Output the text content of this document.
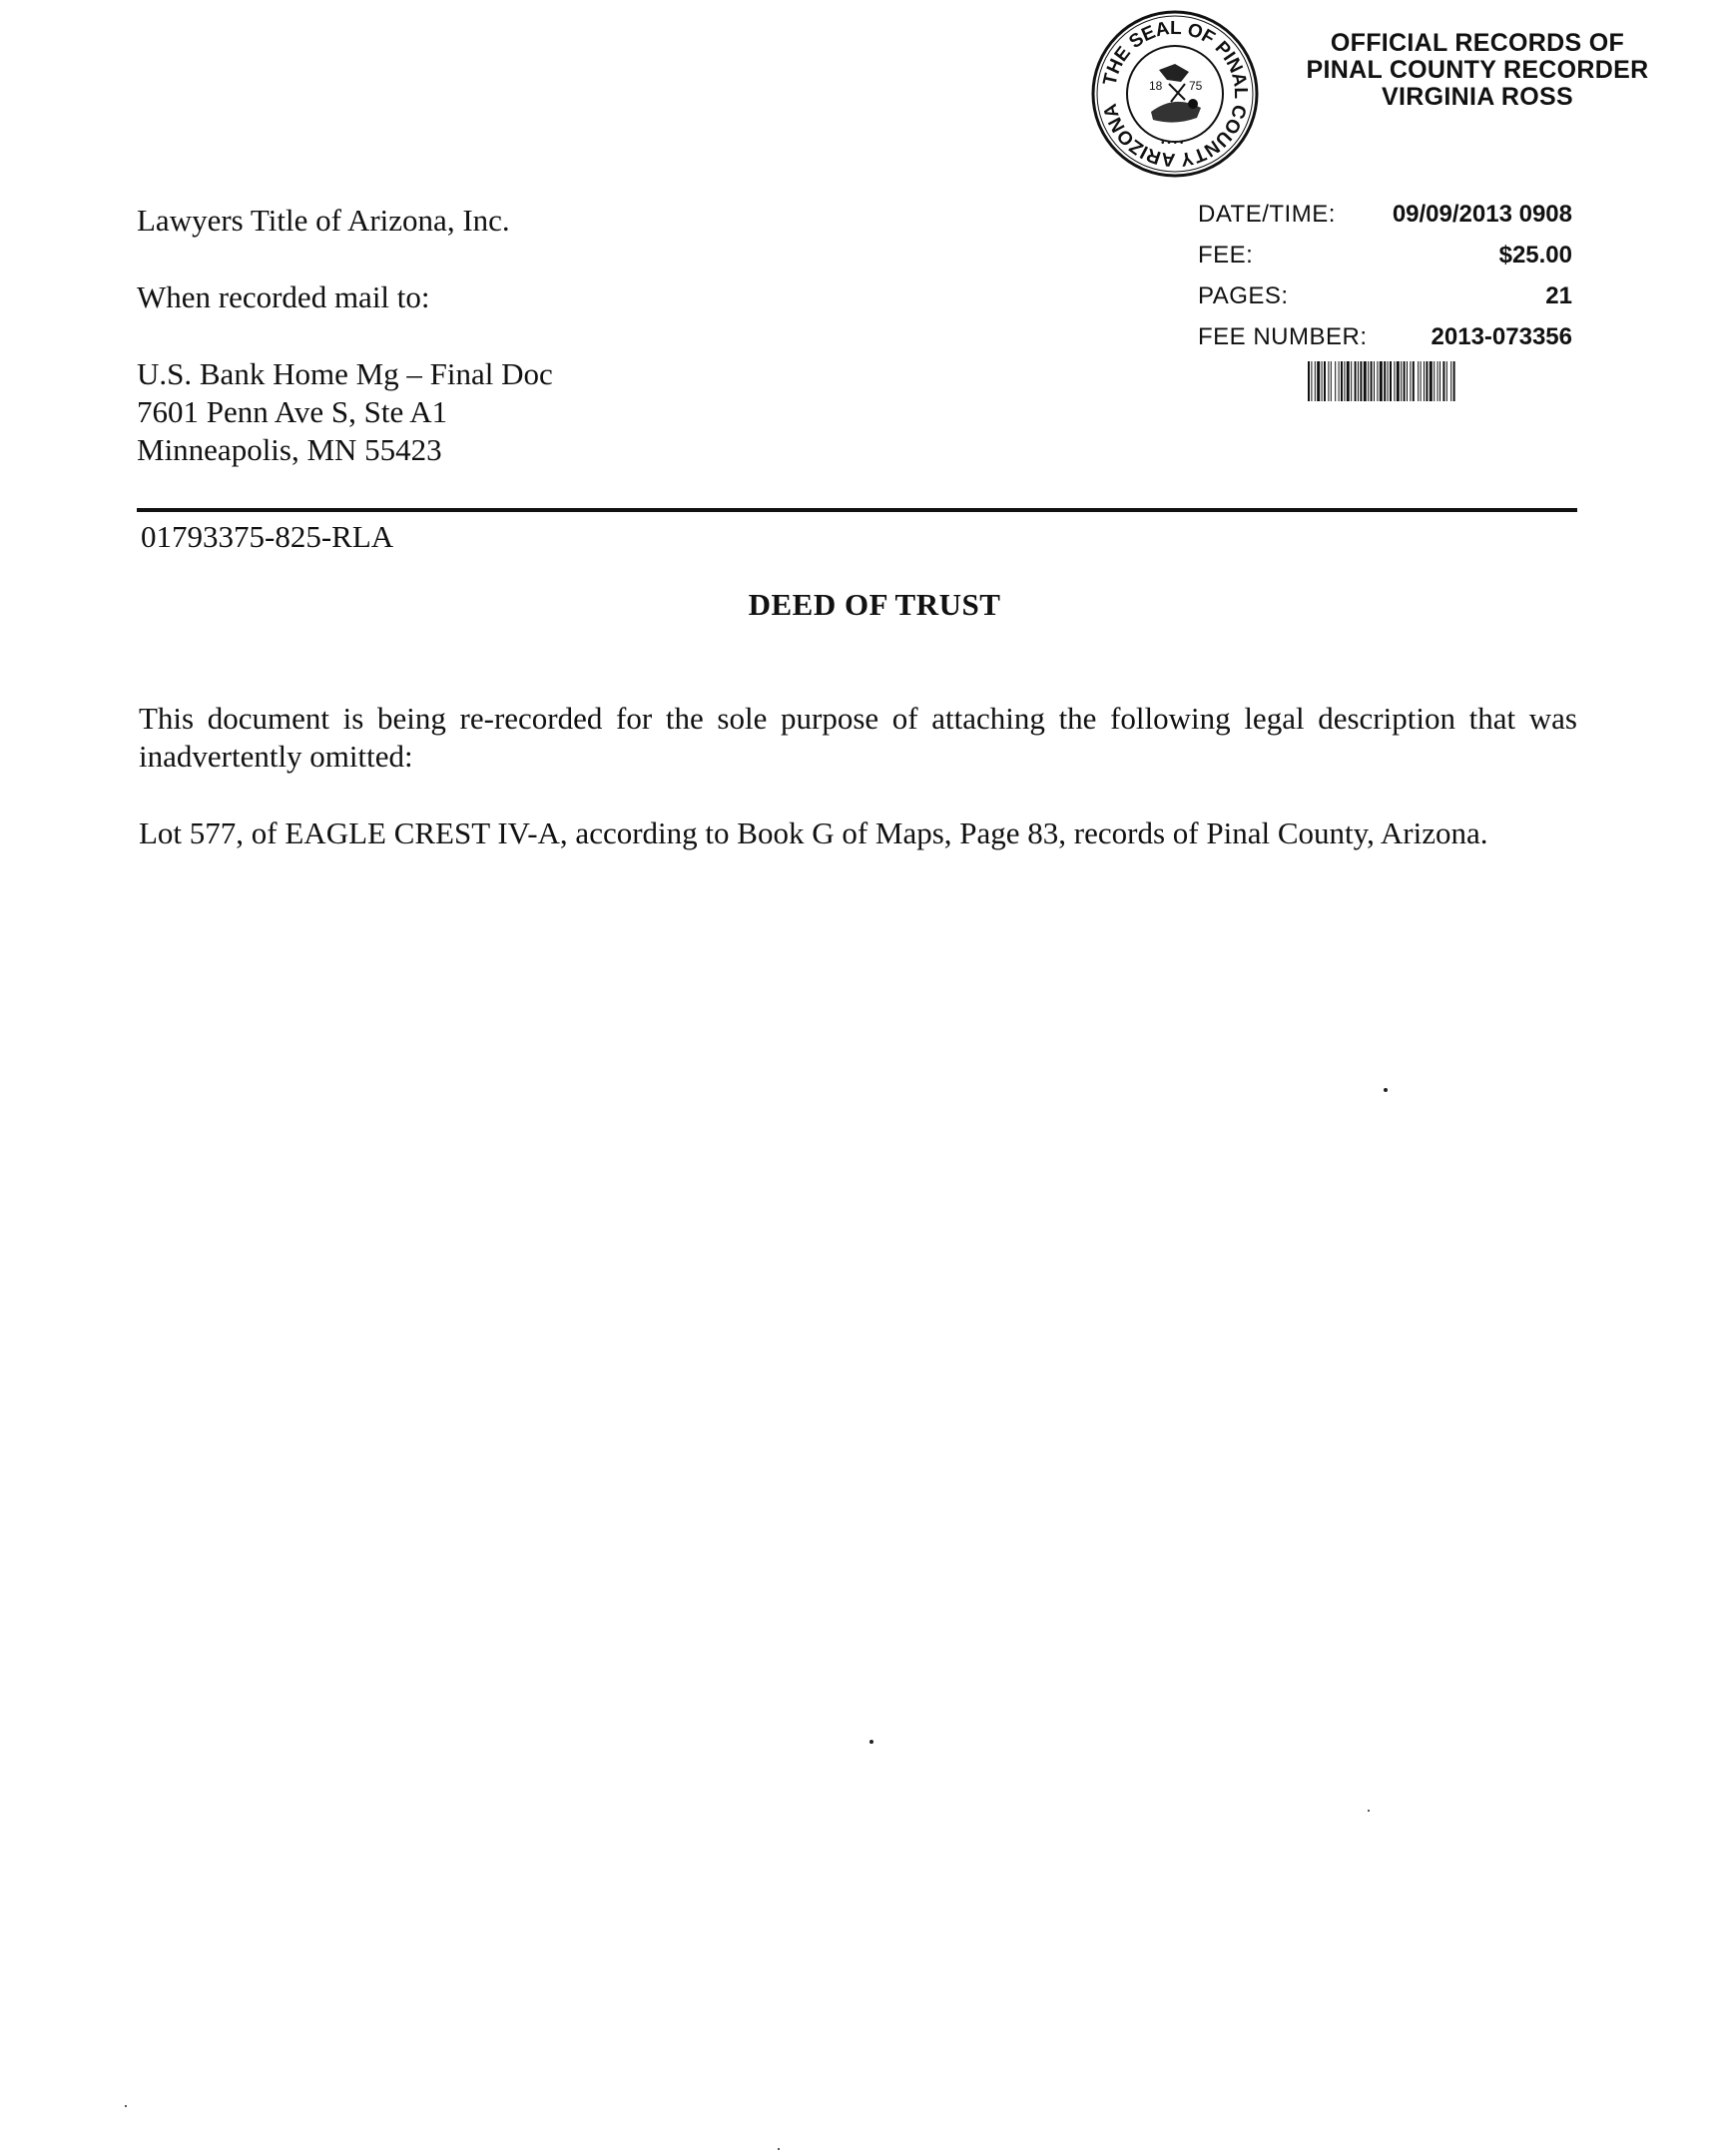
THE SEAL OF PINAL COUNTY ARIZONA
18 75
• • • •
OFFICIAL RECORDS OF
PINAL COUNTY RECORDER
VIRGINIA ROSS
DATE/TIME: 09/09/2013 0908
FEE:	$25.00
PAGES:	21
FEE NUMBER:	2013-073356
Lawyers Title of Arizona, Inc.
When recorded mail to:
U.S. Bank Home Mg – Final Doc
7601 Penn Ave S, Ste A1
Minneapolis, MN 55423
01793375-825-RLA
DEED OF TRUST
This document is being re-recorded for the sole purpose of attaching the following legal description that was inadvertently omitted:
Lot 577, of EAGLE CREST IV-A, according to Book G of Maps, Page 83, records of Pinal County, Arizona.
